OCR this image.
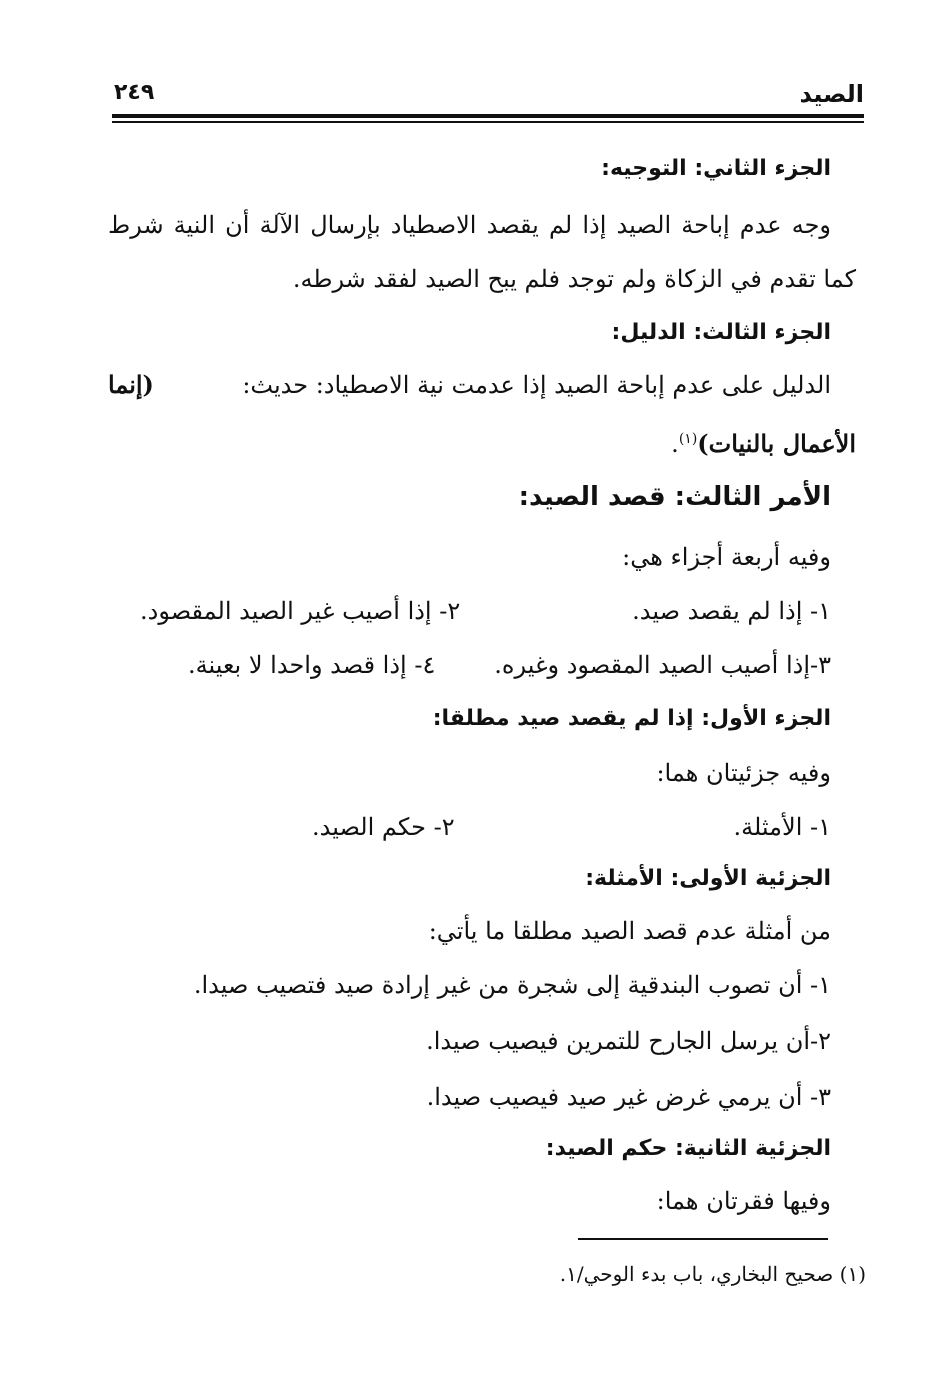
الصيد
٢٤٩
الجزء الثاني: التوجيه:
وجه عدم إباحة الصيد إذا لم يقصد الاصطياد بإرسال الآلة أن النية شرط
كما تقدم في الزكاة ولم توجد فلم يبح الصيد لفقد شرطه.
الجزء الثالث: الدليل:
الدليل على عدم إباحة الصيد إذا عدمت نية الاصطياد: حديث:
(إنما
الأعمال بالنيات)$^{(١)}$.
الأمر الثالث: قصد الصيد:
وفيه أربعة أجزاء هي:
١- إذا لم يقصد صيد.
٢- إذا أصيب غير الصيد المقصود.
٣-إذا أصيب الصيد المقصود وغيره.
٤- إذا قصد واحدا لا بعينة.
الجزء الأول: إذا لم يقصد صيد مطلقا:
وفيه جزئيتان هما:
١- الأمثلة.
٢- حكم الصيد.
الجزئية الأولى: الأمثلة:
من أمثلة عدم قصد الصيد مطلقا ما يأتي:
١- أن تصوب البندقية إلى شجرة من غير إرادة صيد فتصيب صيدا.
٢-أن يرسل الجارح للتمرين فيصيب صيدا.
٣- أن يرمي غرض غير صيد فيصيب صيدا.
الجزئية الثانية: حكم الصيد:
وفيها فقرتان هما:
(١) صحيح البخاري، باب بدء الوحي/١.
